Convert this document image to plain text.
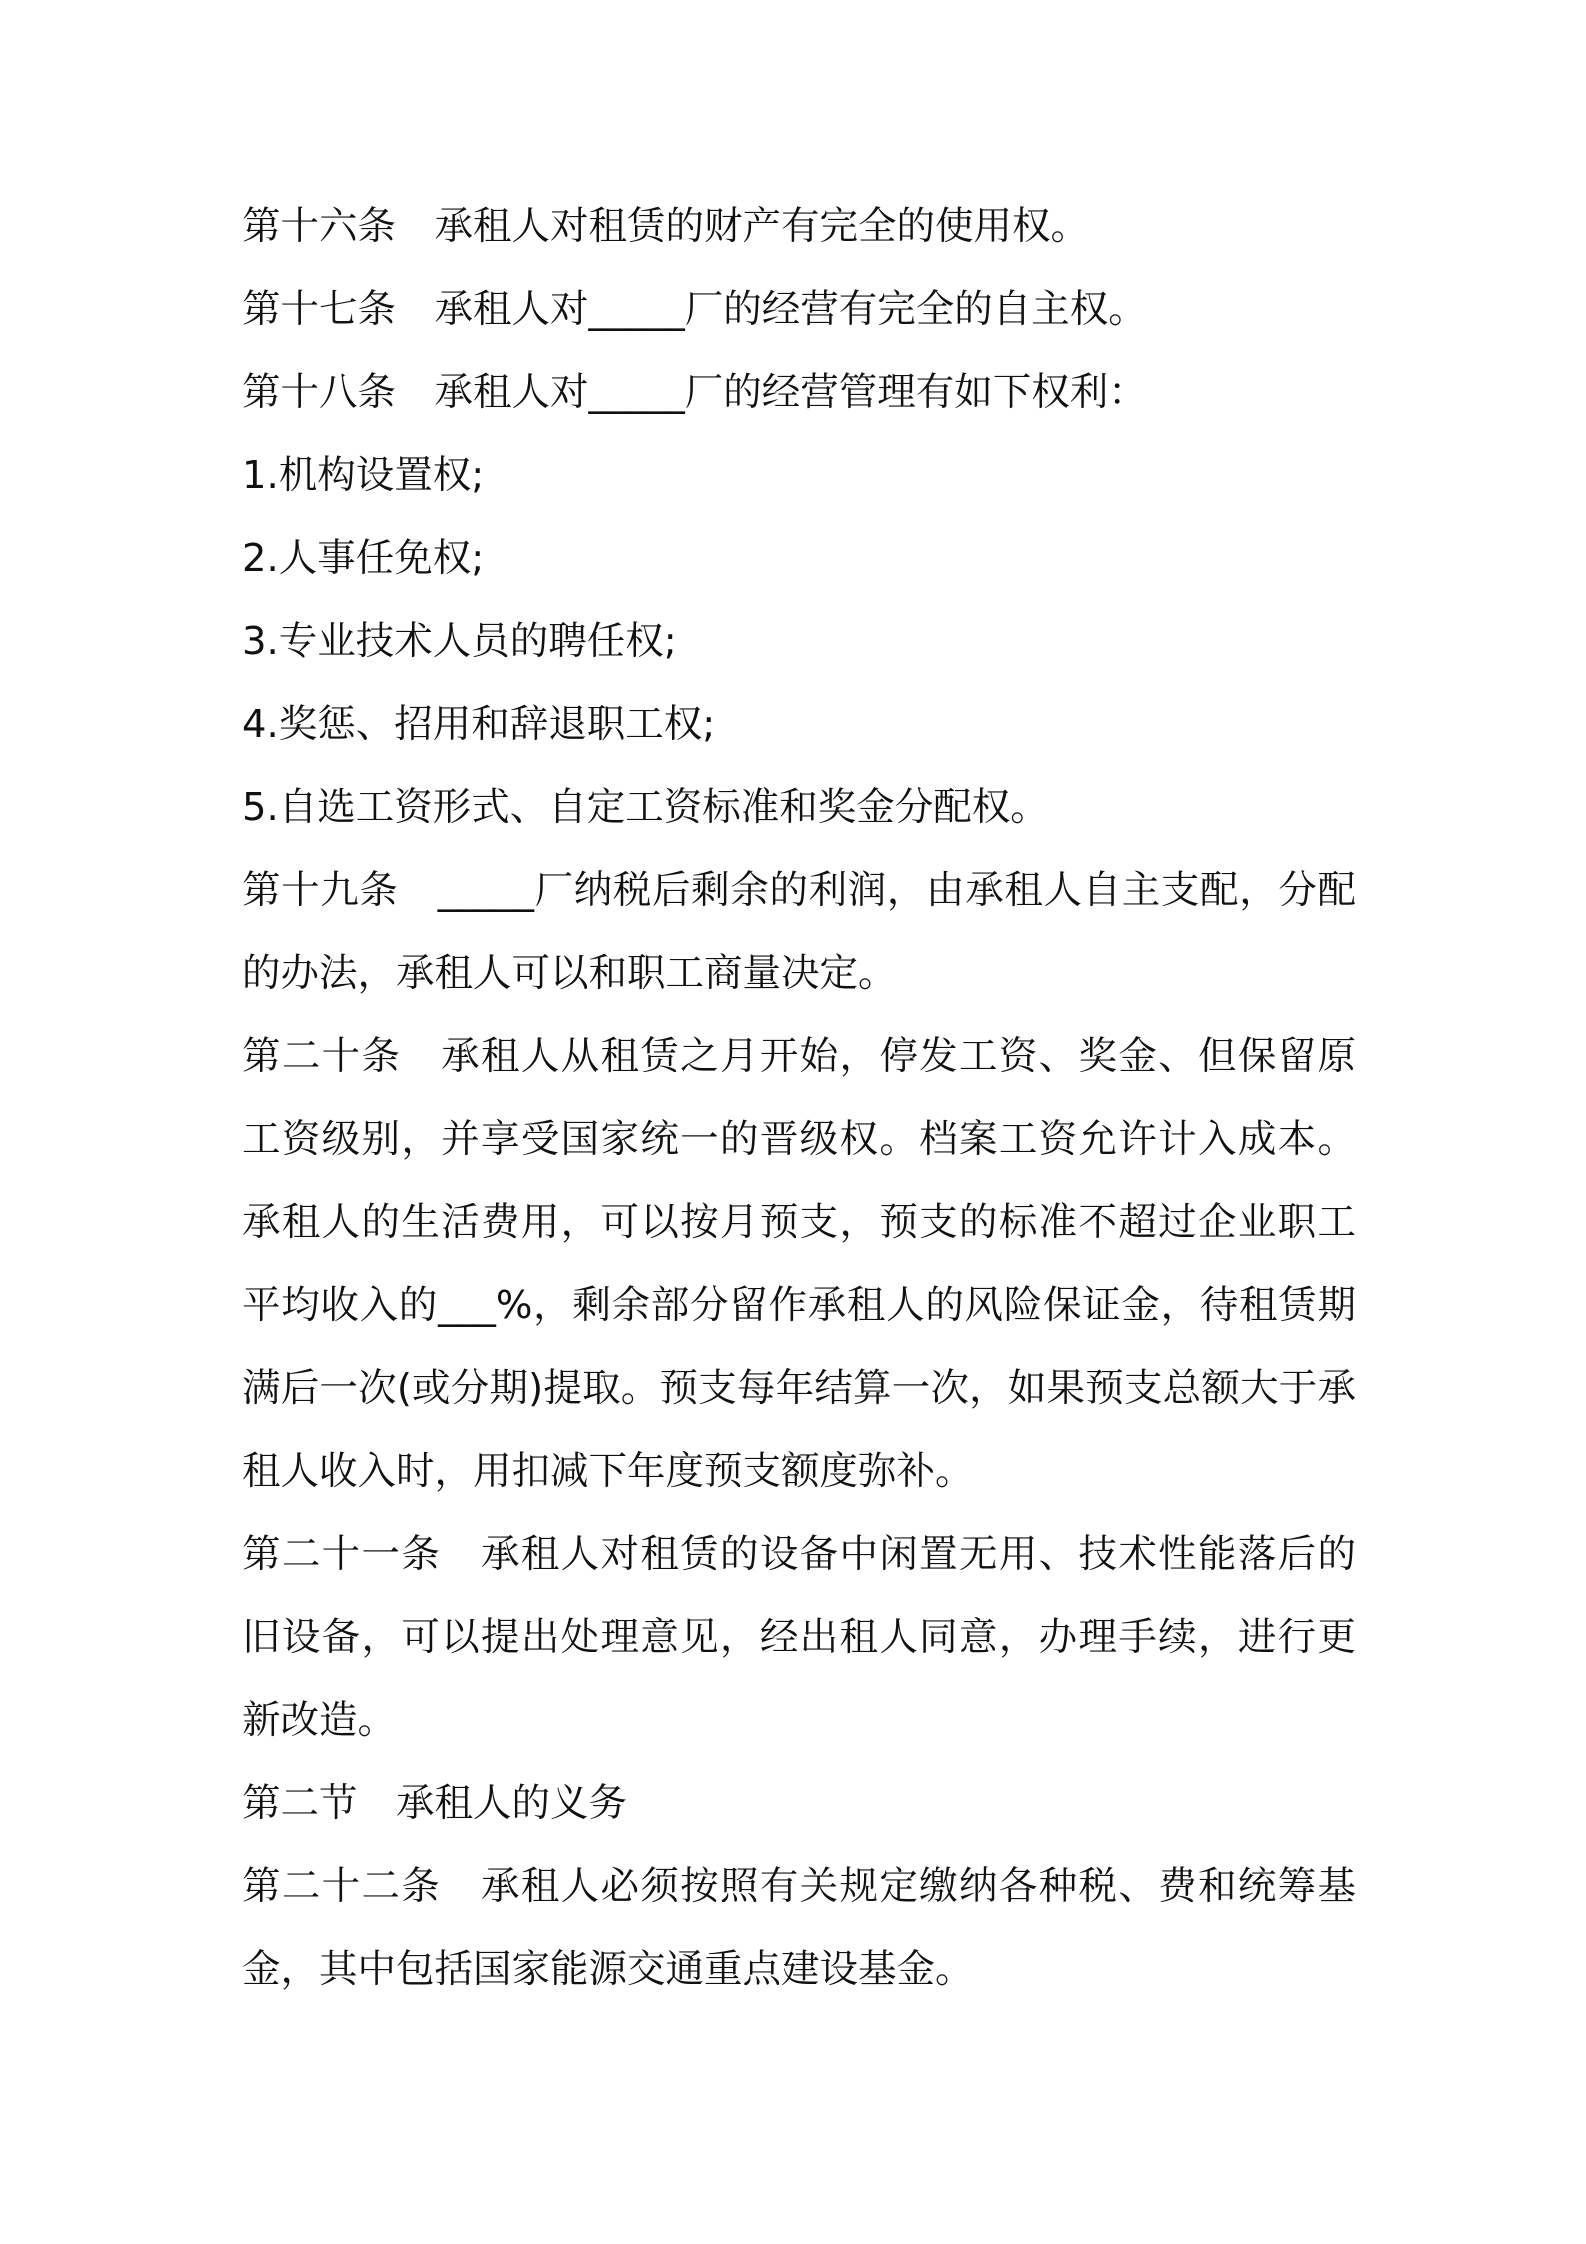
第十六条　承租人对租赁的财产有完全的使用权。

第十七条　承租人对_____厂的经营有完全的自主权。

第十八条　承租人对_____厂的经营管理有如下权利：

1.机构设置权;

2.人事任免权;

3.专业技术人员的聘任权;

4.奖惩、招用和辞退职工权;

5.自选工资形式、自定工资标准和奖金分配权。

第十九条　_____厂纳税后剩余的利润，由承租人自主支配，分配的办法，承租人可以和职工商量决定。

第二十条　承租人从租赁之月开始，停发工资、奖金、但保留原工资级别，并享受国家统一的晋级权。档案工资允许计入成本。承租人的生活费用，可以按月预支，预支的标准不超过企业职工平均收入的___%，剩余部分留作承租人的风险保证金，待租赁期满后一次(或分期)提取。预支每年结算一次，如果预支总额大于承租人收入时，用扣减下年度预支额度弥补。

第二十一条　承租人对租赁的设备中闲置无用、技术性能落后的旧设备，可以提出处理意见，经出租人同意，办理手续，进行更新改造。

第二节　承租人的义务

第二十二条　承租人必须按照有关规定缴纳各种税、费和统筹基金，其中包括国家能源交通重点建设基金。
